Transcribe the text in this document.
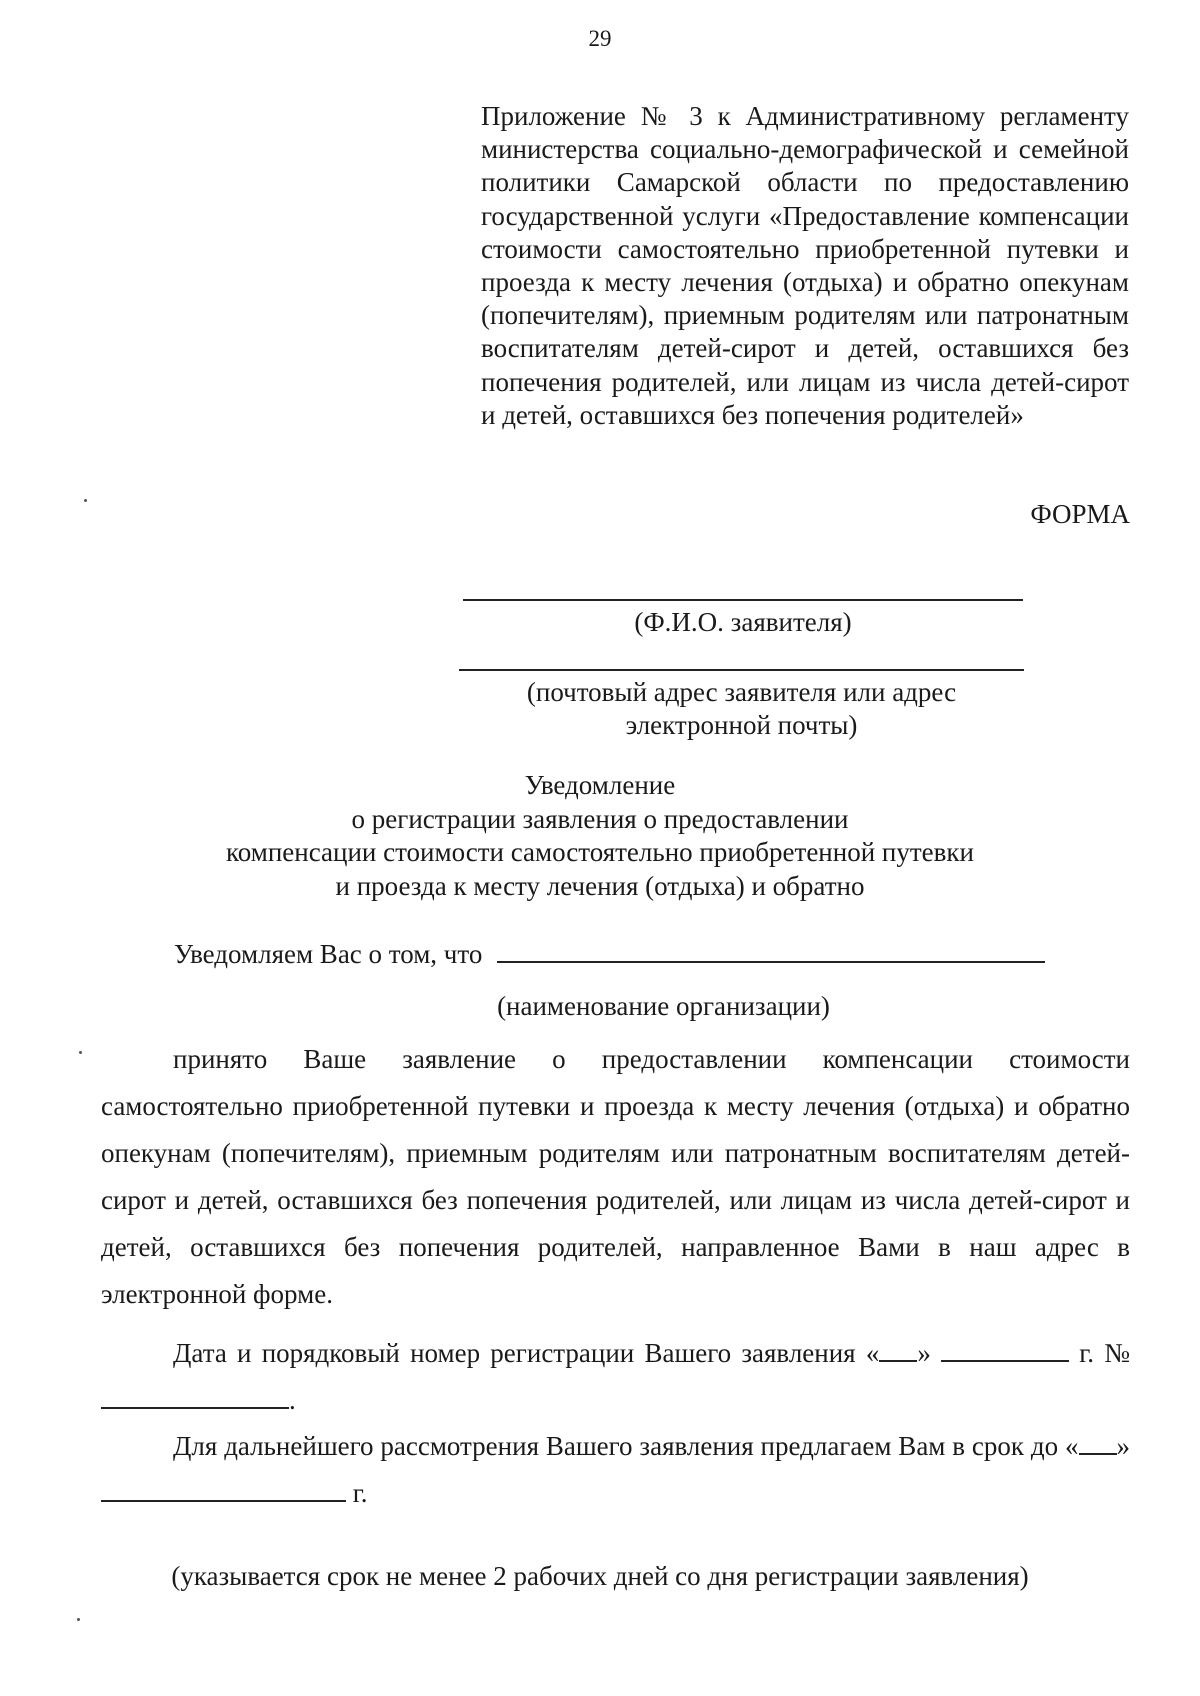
29
Приложение № 3 к Административному регламенту министерства социально-демографической и семейной политики Самарской области по предоставлению государственной услуги «Предоставление компенсации стоимости самостоятельно приобретенной путевки и проезда к месту лечения (отдыха) и обратно опекунам (попечителям), приемным родителям или патронатным воспитателям детей-сирот и детей, оставшихся без попечения родителей, или лицам из числа детей-сирот и детей, оставшихся без попечения родителей»
ФОРМА
(Ф.И.О. заявителя)
(почтовый адрес заявителя или адрес
электронной почты)
Уведомление
о регистрации заявления о предоставлении
компенсации стоимости самостоятельно приобретенной путевки
и проезда к месту лечения (отдыха) и обратно
Уведомляем Вас о том, что
(наименование организации)
принято Ваше заявление о предоставлении компенсации стоимости самостоятельно приобретенной путевки и проезда к месту лечения (отдыха) и обратно опекунам (попечителям), приемным родителям или патронатным воспитателям детей-сирот и детей, оставшихся без попечения родителей, или лицам из числа детей-сирот и детей, оставшихся без попечения родителей, направленное Вами в наш адрес в электронной форме.
Дата и порядковый номер регистрации Вашего заявления « »	г. № .
Для дальнейшего рассмотрения Вашего заявления предлагаем Вам в срок до « »  г.
(указывается срок не менее 2 рабочих дней со дня регистрации заявления)
